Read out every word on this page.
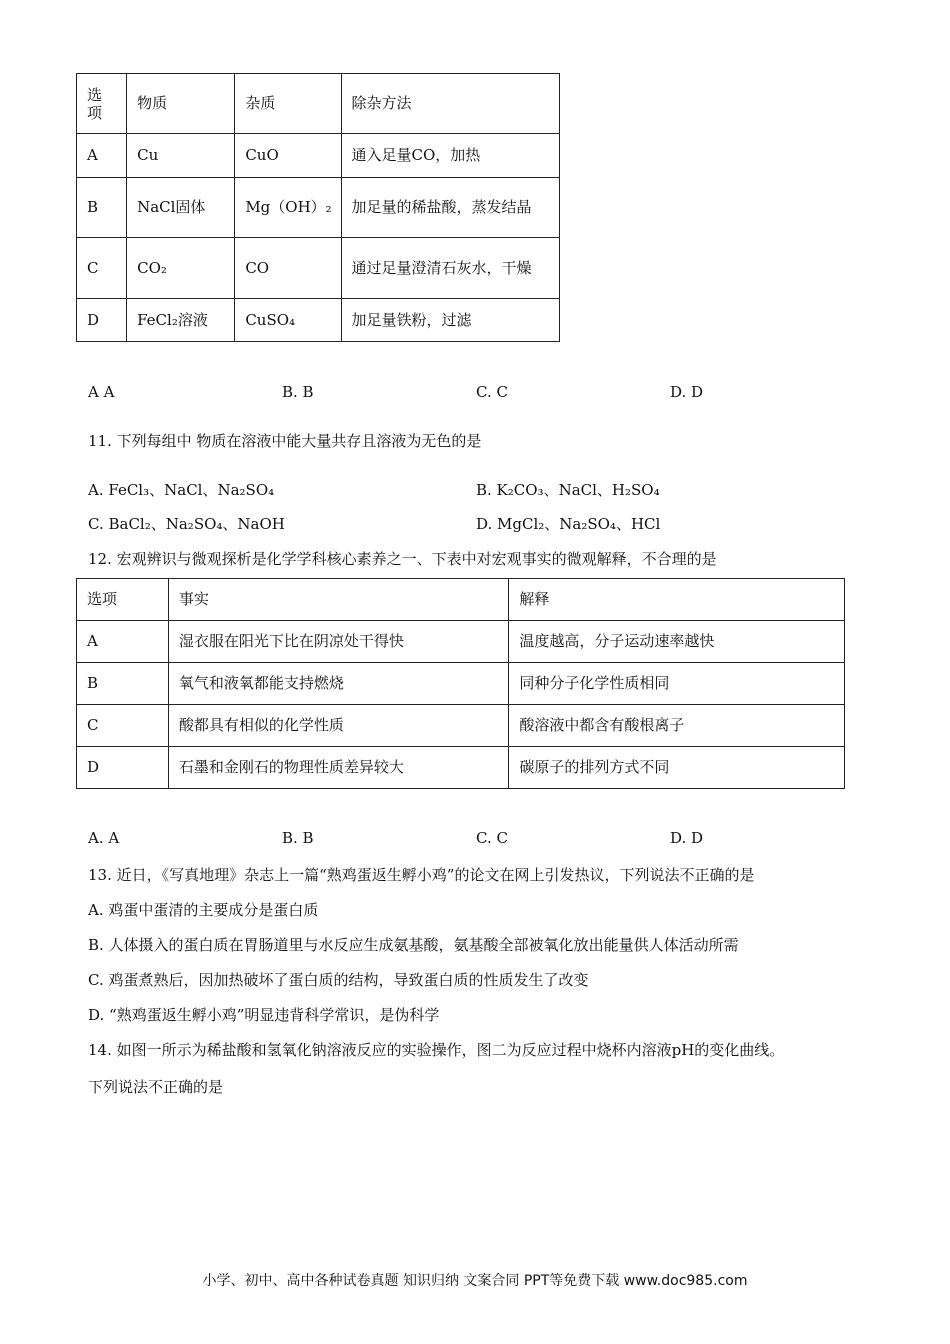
选项	物质	杂质	除杂方法
A	Cu	CuO	通入足量CO，加热
B	NaCl固体	Mg（OH）₂	加足量的稀盐酸，蒸发结晶
C	CO₂	CO	通过足量澄清石灰水，干燥
D	FeCl₂溶液	CuSO₄	加足量铁粉，过滤
A A	B. B	C. C	D. D
11. 下列每组中 物质在溶液中能大量共存且溶液为无色的是
A. FeCl₃、NaCl、Na₂SO₄	B. K₂CO₃、NaCl、H₂SO₄
C. BaCl₂、Na₂SO₄、NaOH	D. MgCl₂、Na₂SO₄、HCl
12. 宏观辨识与微观探析是化学学科核心素养之一、下表中对宏观事实的微观解释，不合理的是
选项	事实	解释
A	湿衣服在阳光下比在阴凉处干得快	温度越高，分子运动速率越快
B	氧气和液氧都能支持燃烧	同种分子化学性质相同
C	酸都具有相似的化学性质	酸溶液中都含有酸根离子
D	石墨和金刚石的物理性质差异较大	碳原子的排列方式不同
A. A	B. B	C. C	D. D
13. 近日，《写真地理》杂志上一篇“熟鸡蛋返生孵小鸡”的论文在网上引发热议，下列说法不正确的是
A. 鸡蛋中蛋清的主要成分是蛋白质
B. 人体摄入的蛋白质在胃肠道里与水反应生成氨基酸，氨基酸全部被氧化放出能量供人体活动所需
C. 鸡蛋煮熟后，因加热破坏了蛋白质的结构，导致蛋白质的性质发生了改变
D. “熟鸡蛋返生孵小鸡”明显违背科学常识，是伪科学
14. 如图一所示为稀盐酸和氢氧化钠溶液反应的实验操作，图二为反应过程中烧杯内溶液pH的变化曲线。
下列说法不正确的是
小学、初中、高中各种试卷真题 知识归纳 文案合同 PPT等免费下载 www.doc985.com
